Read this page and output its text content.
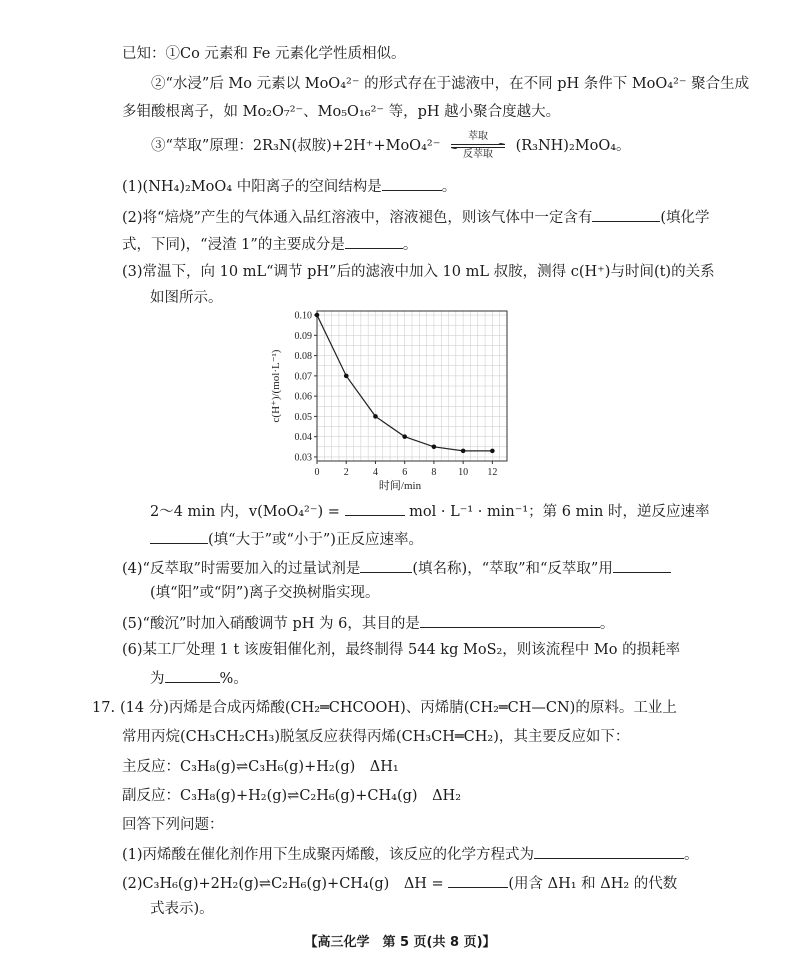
已知：①Co 元素和 Fe 元素化学性质相似。
②“水浸”后 Mo 元素以 MoO₄²⁻ 的形式存在于滤液中，在不同 pH 条件下 MoO₄²⁻ 聚合生成
多钼酸根离子，如 Mo₂O₇²⁻、Mo₅O₁₆²⁻ 等，pH 越小聚合度越大。
③“萃取”原理：2R₃N(叔胺)+2H⁺+MoO₄²⁻
萃取
反萃取
(R₃NH)₂MoO₄。
(1)(NH₄)₂MoO₄ 中阳离子的空间结构是	。
(2)将“焙烧”产生的气体通入品红溶液中，溶液褪色，则该气体中一定含有	(填化学
式，下同)，“浸渣 1”的主要成分是	。
(3)常温下，向 10 mL“调节 pH”后的滤液中加入 10 mL 叔胺，测得 c(H⁺)与时间(t)的关系
如图所示。
0.03
0.04
0.05
0.06
0.07
0.08
0.09
0.10
0 2 4 6 8 10 12
c(H⁺)/(mol·L⁻¹)
时间/min
2～4 min 内，v(MoO₄²⁻) =	mol · L⁻¹ · min⁻¹；第 6 min 时，逆反应速率
(填“大于”或“小于”)正反应速率。
(4)“反萃取”时需要加入的过量试剂是	(填名称)，“萃取”和“反萃取”用
(填“阳”或“阴”)离子交换树脂实现。
(5)“酸沉”时加入硝酸调节 pH 为 6，其目的是	。
(6)某工厂处理 1 t 该废钼催化剂，最终制得 544 kg MoS₂，则该流程中 Mo 的损耗率
为	%。
17. (14 分)丙烯是合成丙烯酸(CH₂═CHCOOH)、丙烯腈(CH₂═CH—CN)的原料。工业上
常用丙烷(CH₃CH₂CH₃)脱氢反应获得丙烯(CH₃CH═CH₂)，其主要反应如下：
主反应：C₃H₈(g)⇌C₃H₆(g)+H₂(g)　ΔH₁
副反应：C₃H₈(g)+H₂(g)⇌C₂H₆(g)+CH₄(g)　ΔH₂
回答下列问题：
(1)丙烯酸在催化剂作用下生成聚丙烯酸，该反应的化学方程式为	。
(2)C₃H₆(g)+2H₂(g)⇌C₂H₆(g)+CH₄(g)　ΔH =	(用含 ΔH₁ 和 ΔH₂ 的代数
式表示)。
【高三化学　第 5 页(共 8 页)】
